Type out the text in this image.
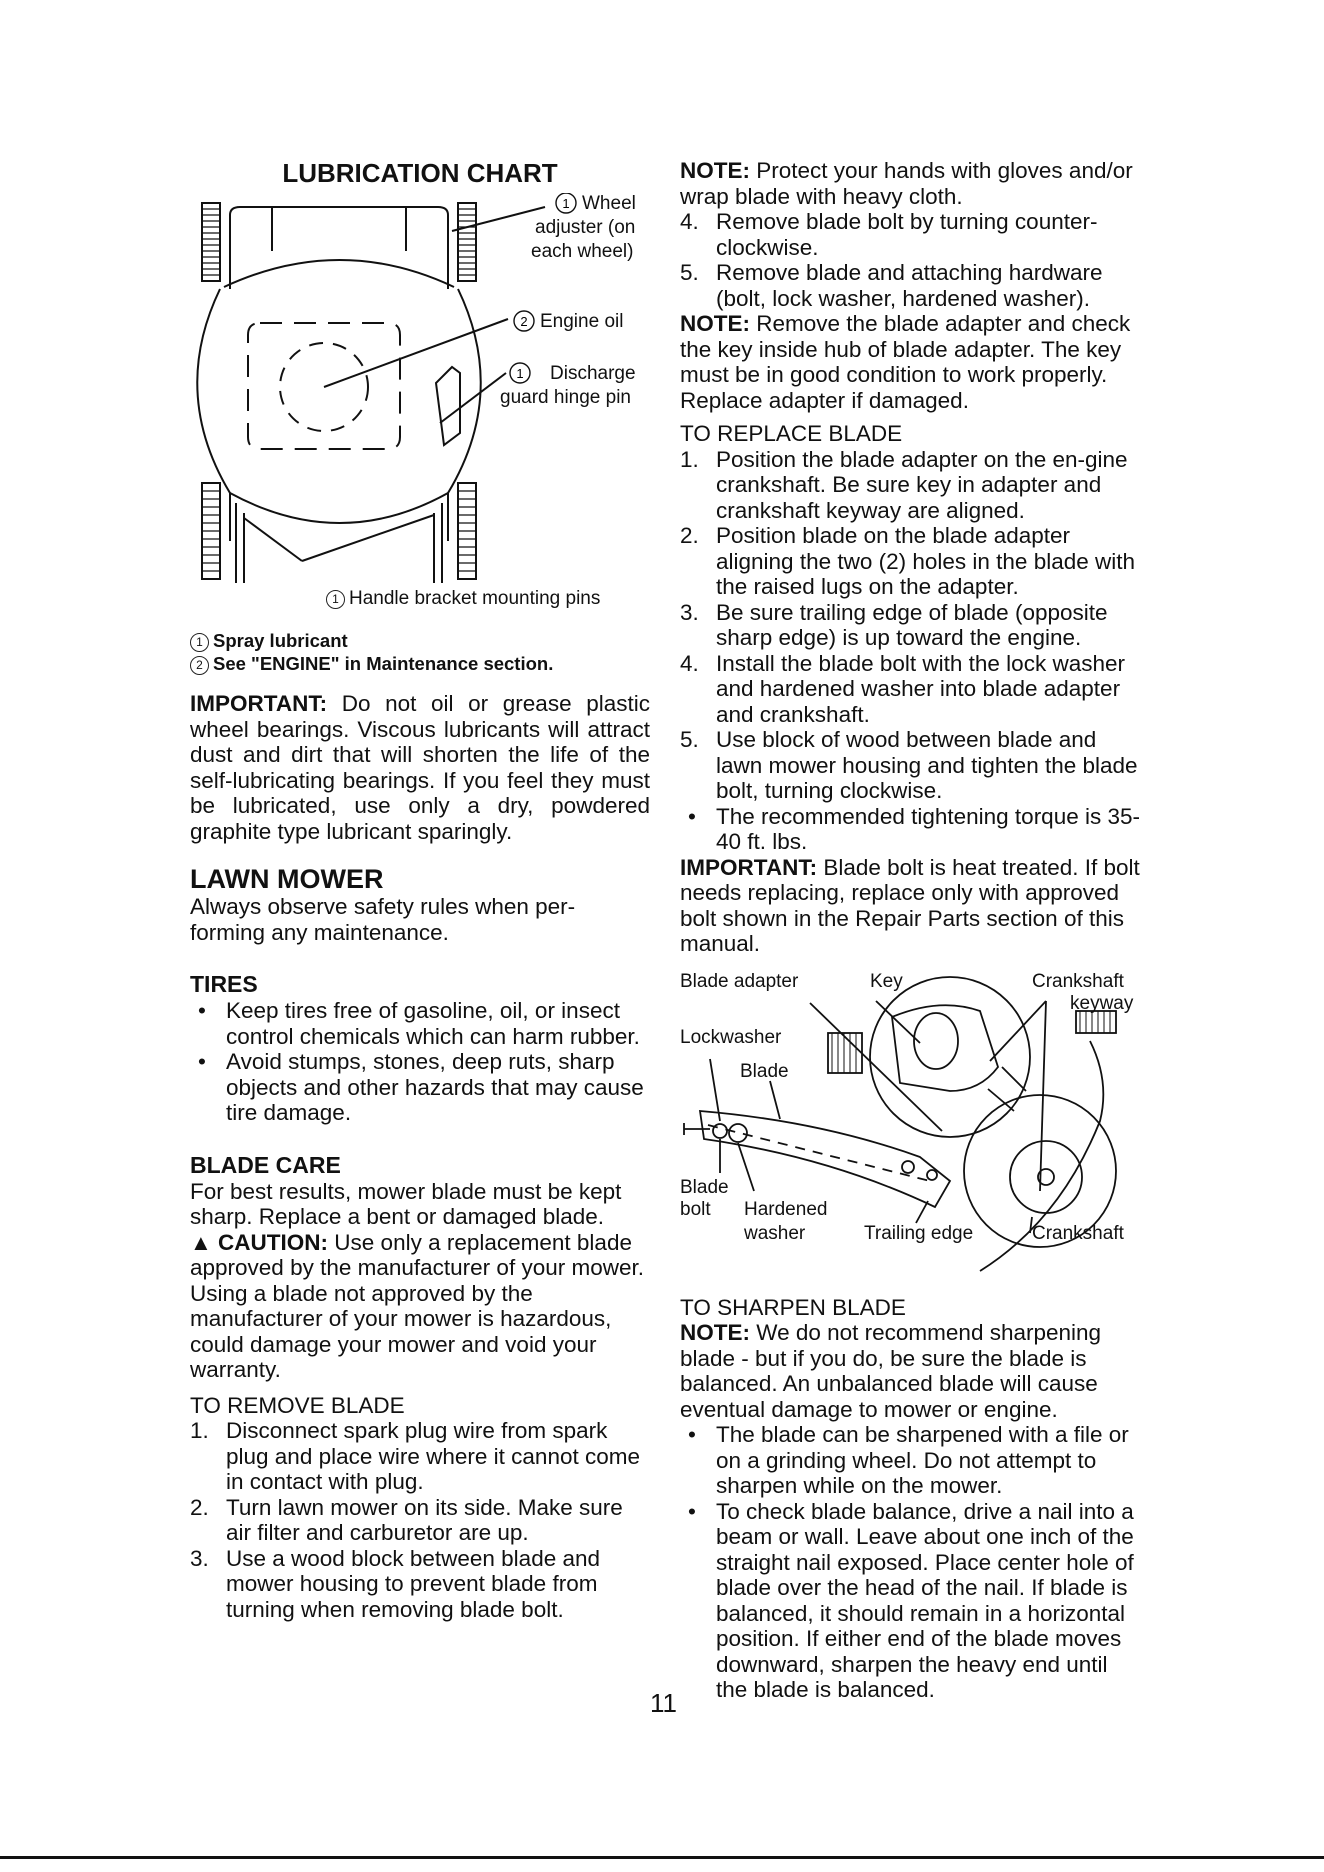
LUBRICATION CHART
1 Wheel
adjuster (on
each wheel)
2 Engine oil
1 Discharge
guard hinge pin
1 Handle bracket mounting pins

1 Spray lubricant

2 See "ENGINE" in Maintenance section.

IMPORTANT: Do not oil or grease plastic wheel bearings. Viscous lubricants will attract dust and dirt that will shorten the life of the self-lubricating bearings. If you feel they must be lubricated, use only a dry, powdered graphite type lubricant sparingly.

LAWN MOWER

Always observe safety rules when per-forming any maintenance.

TIRES
• Keep tires free of gasoline, oil, or insect control chemicals which can harm rubber.
• Avoid stumps, stones, deep ruts, sharp objects and other hazards that may cause tire damage.
BLADE CARE

For best results, mower blade must be kept sharp. Replace a bent or damaged blade.

▲ CAUTION: Use only a replacement blade approved by the manufacturer of your mower. Using a blade not approved by the manufacturer of your mower is hazardous, could damage your mower and void your warranty.

TO REMOVE BLADE

1. Disconnect spark plug wire from spark plug and place wire where it cannot come in contact with plug.
2. Turn lawn mower on its side. Make sure air filter and carburetor are up.
3. Use a wood block between blade and mower housing to prevent blade from turning when removing blade bolt.

NOTE: Protect your hands with gloves and/or wrap blade with heavy cloth.

4. Remove blade bolt by turning counter-clockwise.
5. Remove blade and attaching hardware (bolt, lock washer, hardened washer).

NOTE: Remove the blade adapter and check the key inside hub of blade adapter. The key must be in good condition to work properly. Replace adapter if damaged.

TO REPLACE BLADE

1. Position the blade adapter on the en-gine crankshaft. Be sure key in adapter and crankshaft keyway are aligned.
2. Position blade on the blade adapter aligning the two (2) holes in the blade with the raised lugs on the adapter.
3. Be sure trailing edge of blade (opposite sharp edge) is up toward the engine.
4. Install the blade bolt with the lock washer and hardened washer into blade adapter and crankshaft.
5. Use block of wood between blade and lawn mower housing and tighten the blade bolt, turning clockwise.
• The recommended tightening torque is 35-40 ft. lbs.

IMPORTANT: Blade bolt is heat treated. If bolt needs replacing, replace only with approved bolt shown in the Repair Parts section of this manual.

Blade adapter	Key	Crankshaft
keyway
Lockwasher
Blade
Blade
bolt Hardened
washer	Trailing edge	Crankshaft

TO SHARPEN BLADE

NOTE: We do not recommend sharpening blade - but if you do, be sure the blade is balanced. An unbalanced blade will cause eventual damage to mower or engine.

• The blade can be sharpened with a file or on a grinding wheel. Do not attempt to sharpen while on the mower.
• To check blade balance, drive a nail into a beam or wall. Leave about one inch of the straight nail exposed. Place center hole of blade over the head of the nail. If blade is balanced, it should remain in a horizontal position. If either end of the blade moves downward, sharpen the heavy end until the blade is balanced.
11
